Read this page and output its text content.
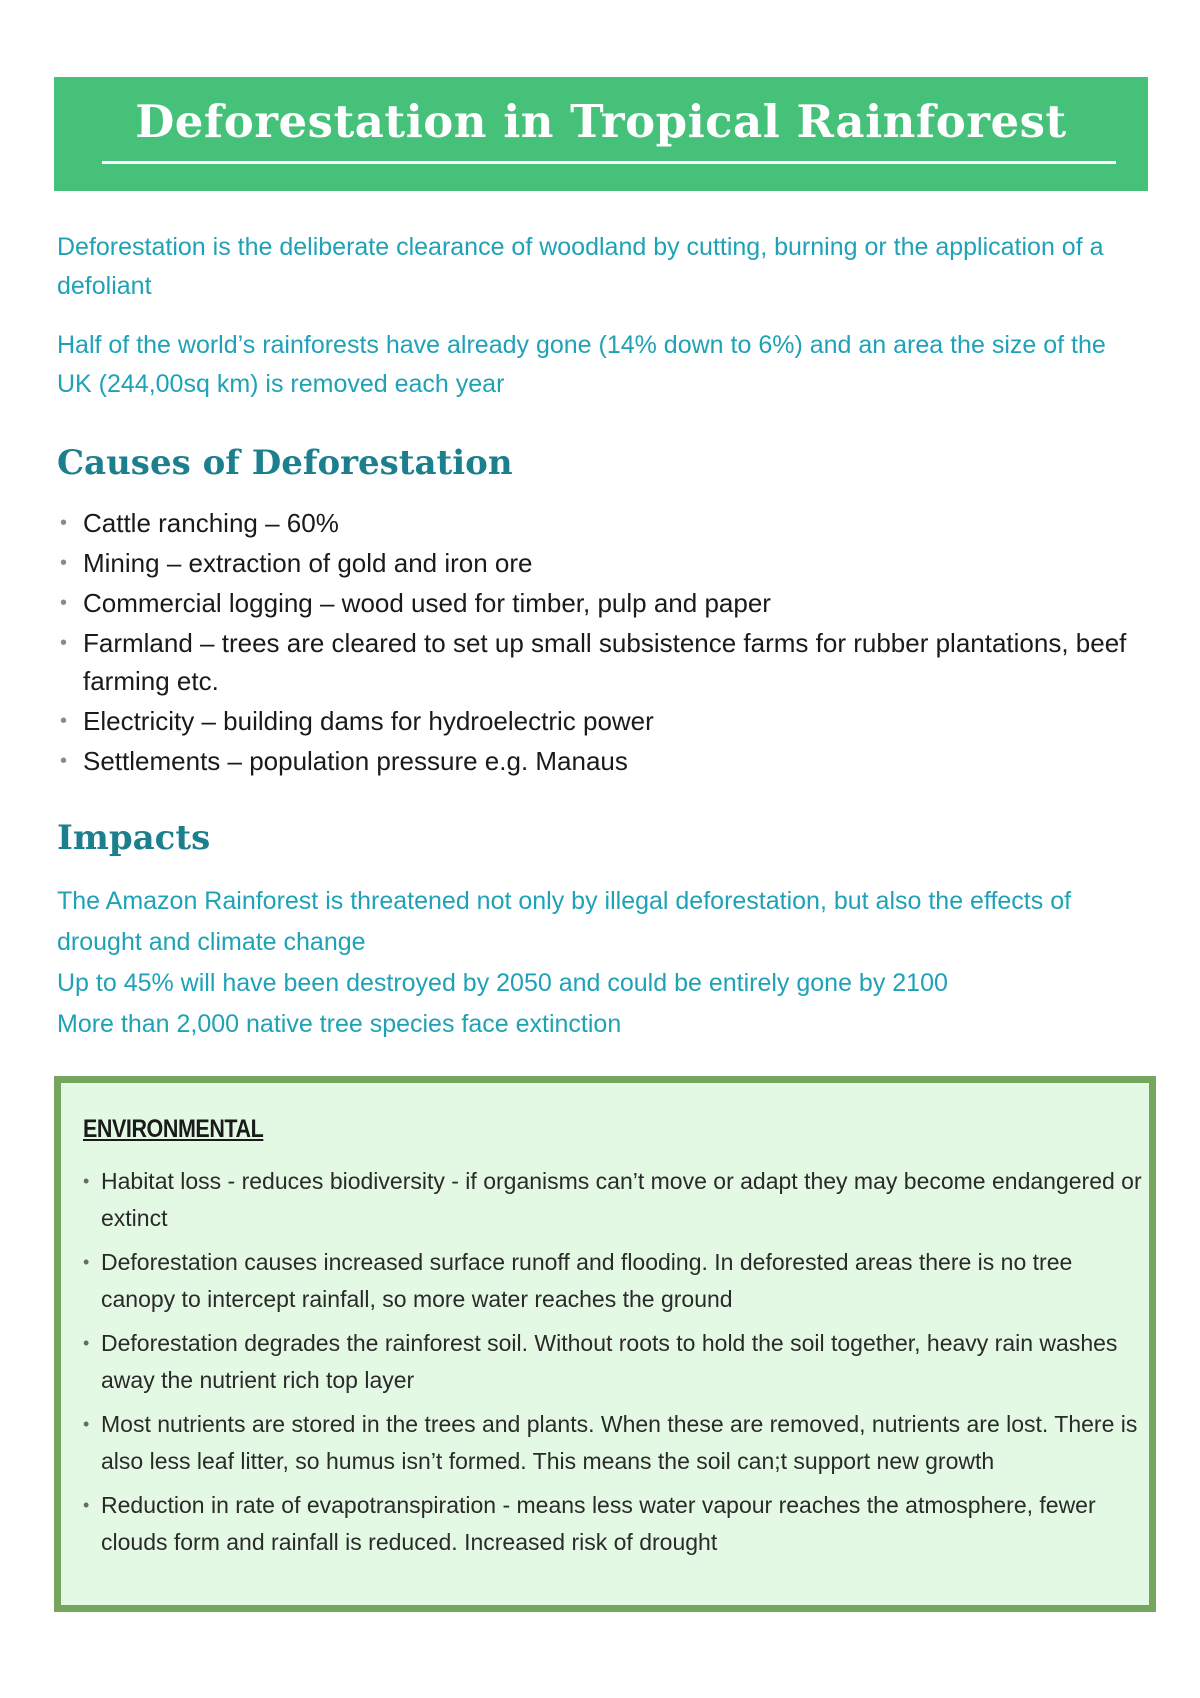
Deforestation in Tropical Rainforest

Deforestation is the deliberate clearance of woodland by cutting, burning or the application of a defoliant

Half of the world’s rainforests have already gone (14% down to 6%) and an area the size of the UK (244,00sq km) is removed each year

Causes of Deforestation
• Cattle ranching – 60%
• Mining – extraction of gold and iron ore
• Commercial logging – wood used for timber, pulp and paper
• Farmland – trees are cleared to set up small subsistence farms for rubber plantations, beef farming etc.
• Electricity – building dams for hydroelectric power
• Settlements – population pressure e.g. Manaus
Impacts

The Amazon Rainforest is threatened not only by illegal deforestation, but also the effects of drought and climate change

Up to 45% will have been destroyed by 2050 and could be entirely gone by 2100

More than 2,000 native tree species face extinction

ENVIRONMENTAL
• Habitat loss - reduces biodiversity - if organisms can’t move or adapt they may become endangered or extinct
• Deforestation causes increased surface runoff and flooding. In deforested areas there is no tree canopy to intercept rainfall, so more water reaches the ground
• Deforestation degrades the rainforest soil. Without roots to hold the soil together, heavy rain washes away the nutrient rich top layer
• Most nutrients are stored in the trees and plants. When these are removed, nutrients are lost. There is also less leaf litter, so humus isn’t formed. This means the soil can;t support new growth
• Reduction in rate of evapotranspiration - means less water vapour reaches the atmosphere, fewer clouds form and rainfall is reduced. Increased risk of drought
